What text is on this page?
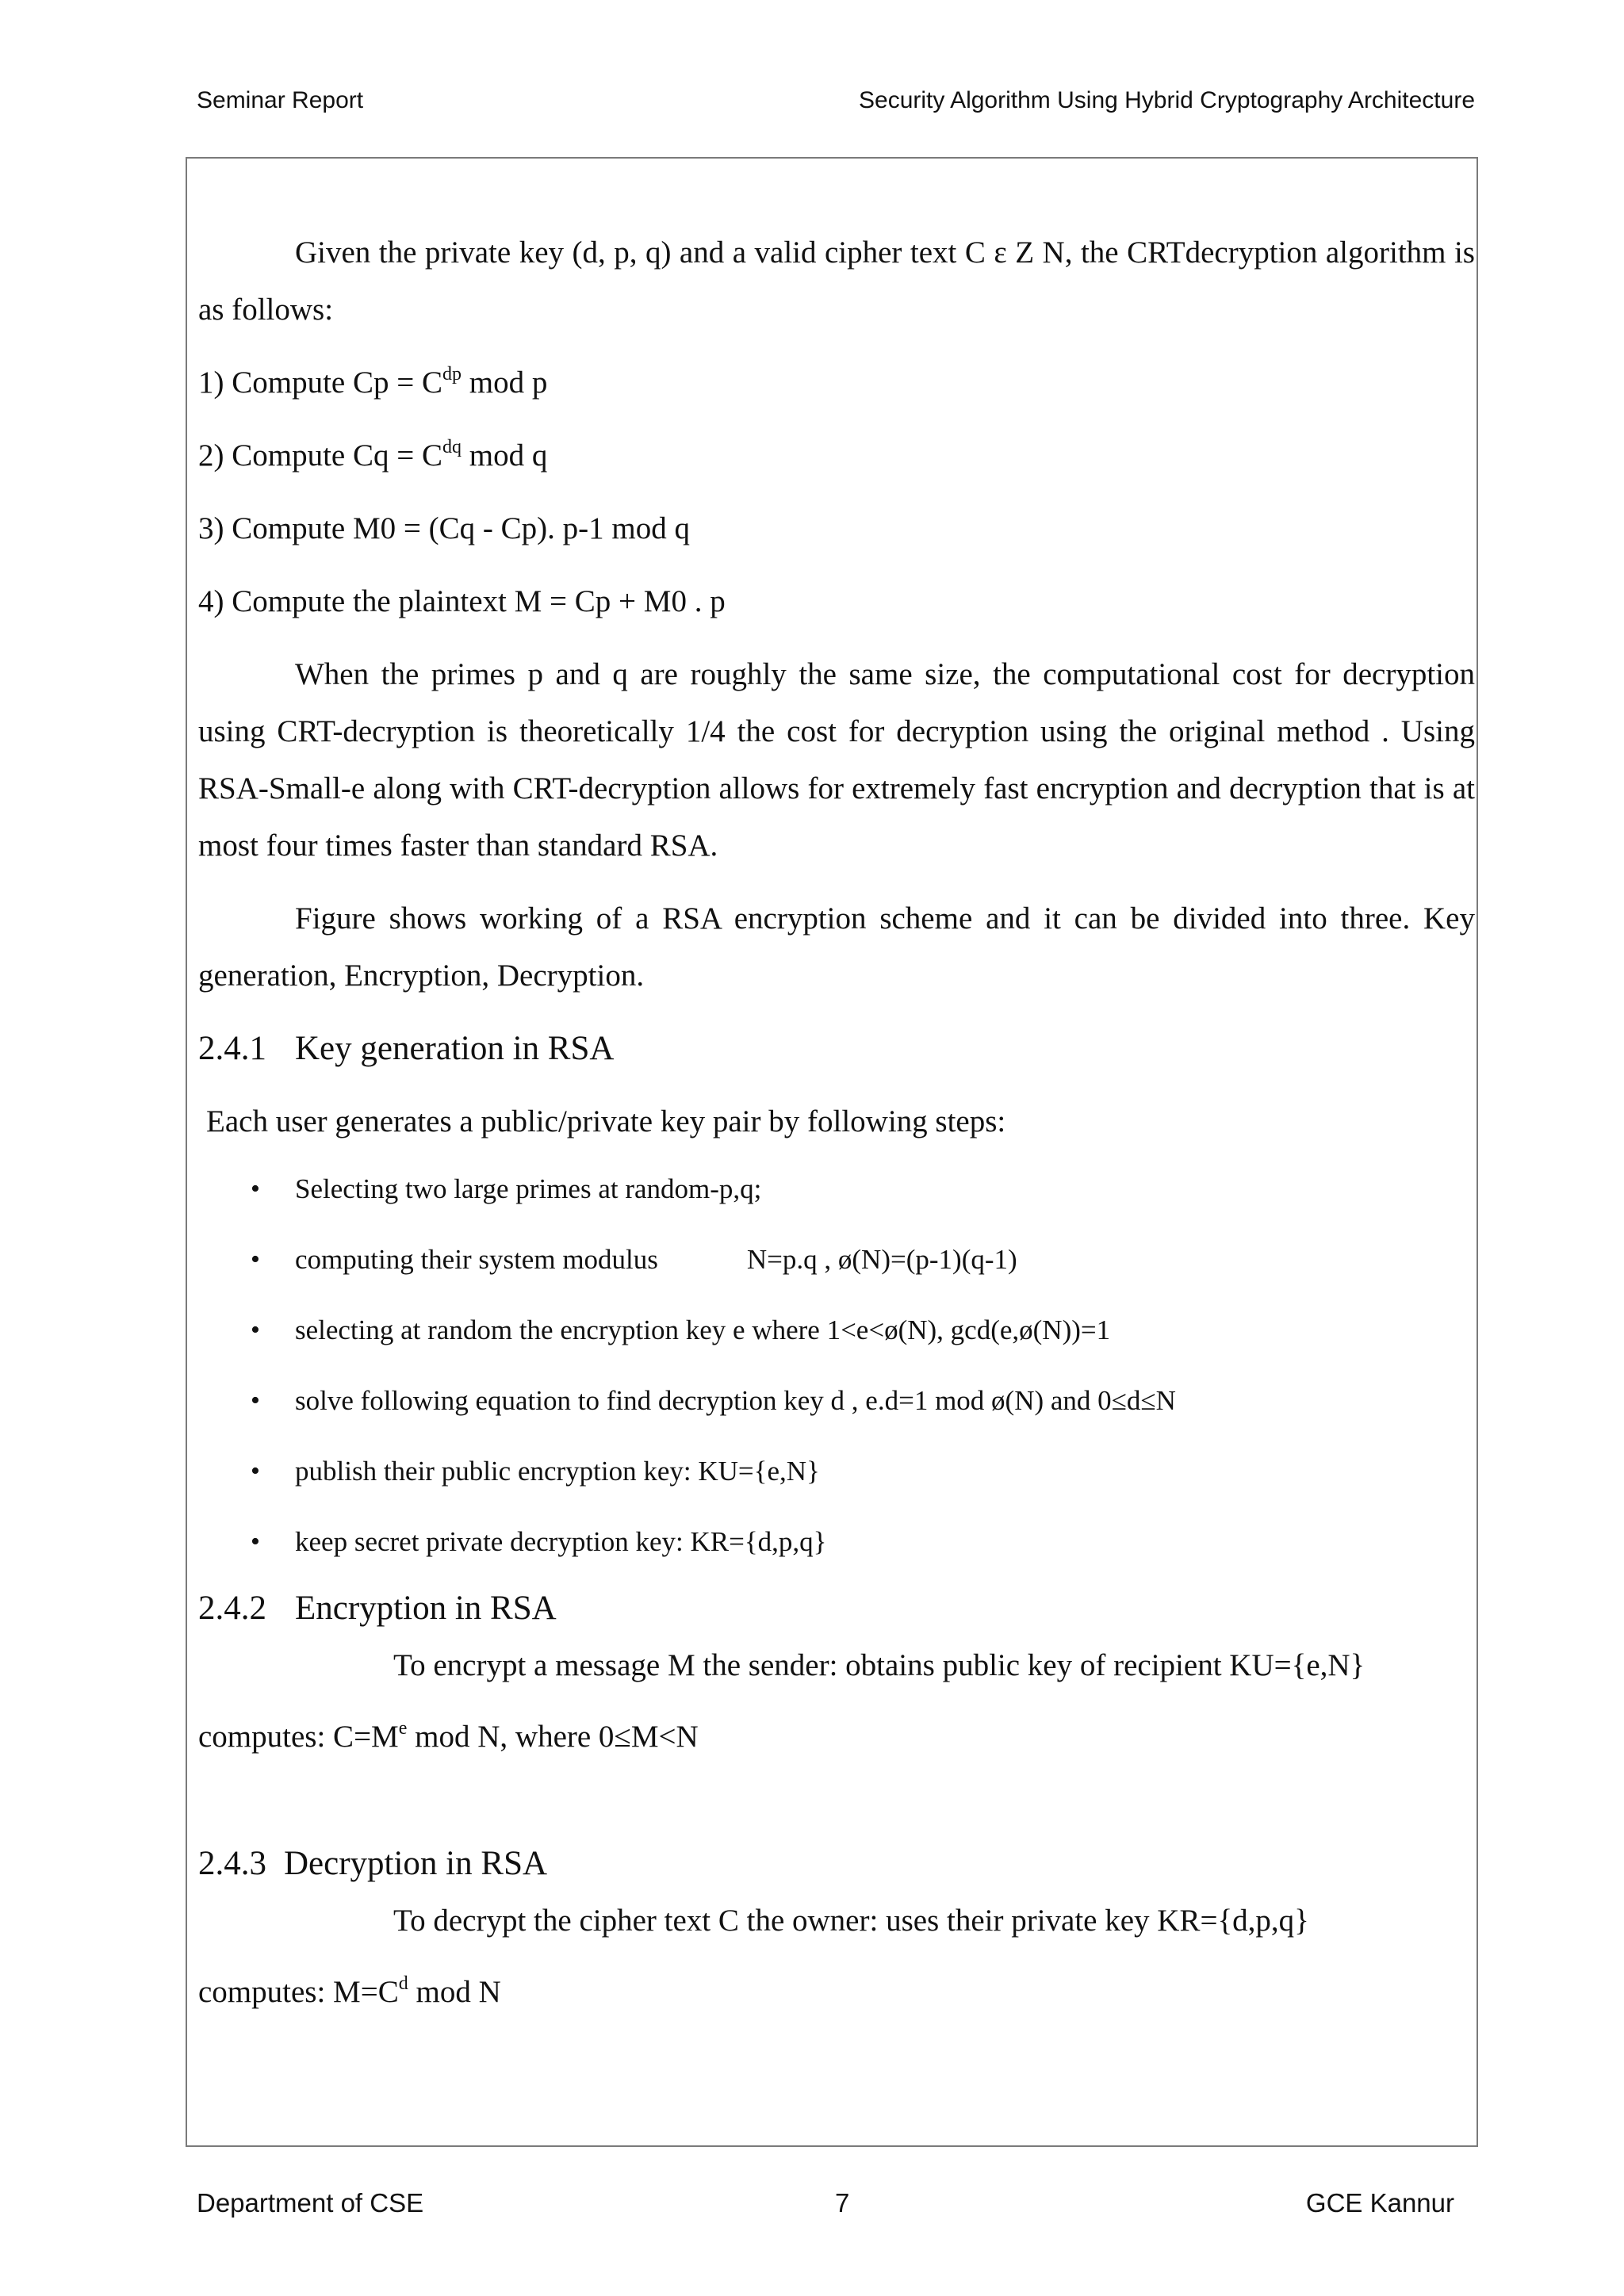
Seminar Report	Security Algorithm Using Hybrid Cryptography Architecture

Given the private key (d, p, q) and a valid cipher text C ε Z N, the CRTdecryption algorithm is as follows:

1) Compute $Cp = C^{dp}$ mod p

2) Compute $Cq = C^{dq}$ mod q

3) Compute M0 = (Cq - Cp). p-1 mod q

4) Compute the plaintext M = Cp + M0 . p

When the primes p and q are roughly the same size, the computational cost for decryption using CRT-decryption is theoretically 1/4 the cost for decryption using the original method . Using RSA-Small-e along with CRT-decryption allows for extremely fast encryption and decryption that is at most four times faster than standard RSA.

Figure shows working of a RSA encryption scheme and it can be divided into three. Key generation, Encryption, Decryption.

2.4.1 Key generation in RSA

Each user generates a public/private key pair by following steps:

• Selecting two large primes at random-p,q;
• computing their system modulus	N=p.q , ø(N)=(p-1)(q-1)
• selecting at random the encryption key e where 1<e<ø(N), gcd(e,ø(N))=1
• solve following equation to find decryption key d , e.d=1 mod ø(N) and 0≤d≤N
• publish their public encryption key: KU={e,N}
• keep secret private decryption key: KR={d,p,q}
2.4.2 Encryption in RSA

To encrypt a message M the sender: obtains public key of recipient KU={e,N}

computes: $C=M^e$ mod N, where 0≤M<N

2.4.3 Decryption in RSA

To decrypt the cipher text C the owner: uses their private key KR={d,p,q}

computes: $M=C^d$ mod N

Department of CSE	7	GCE Kannur
